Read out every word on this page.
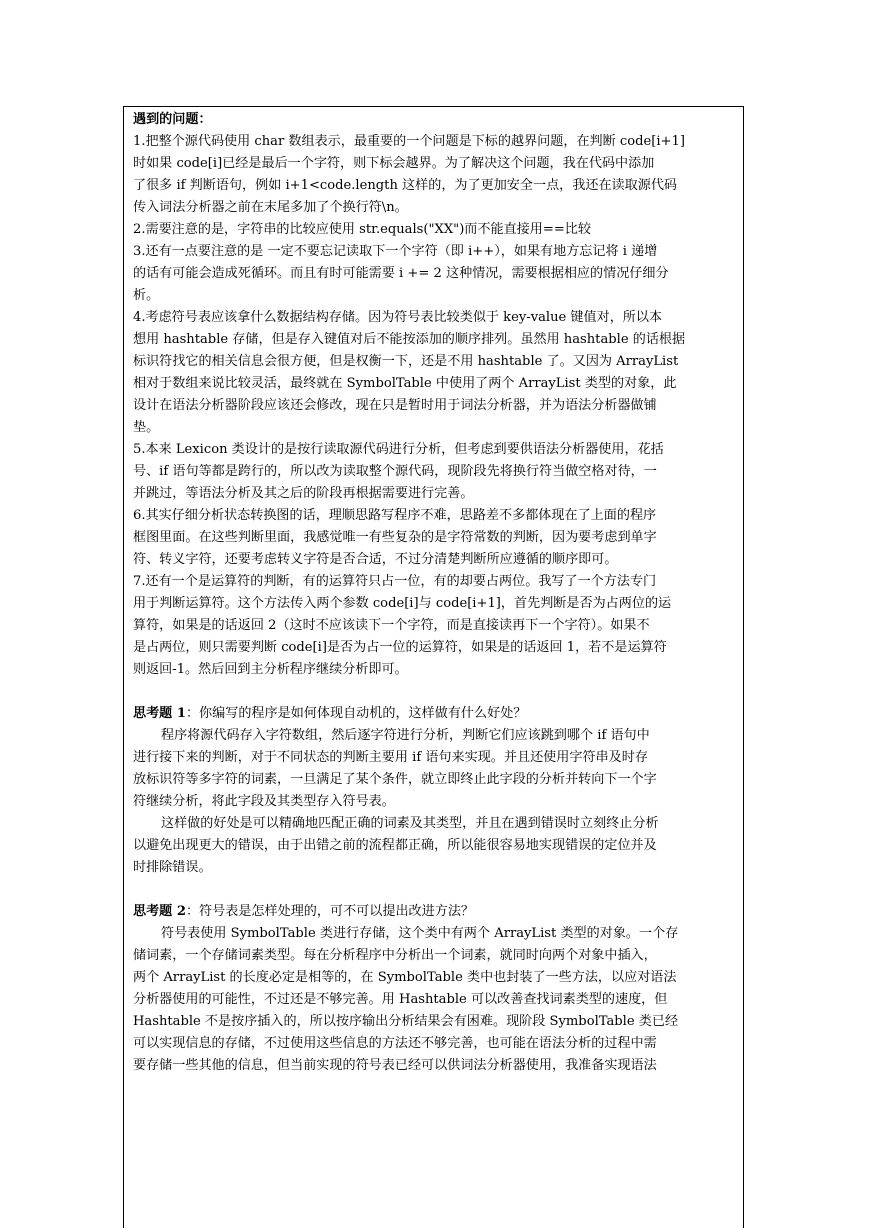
遇到的问题：
1.把整个源代码使用 char 数组表示，最重要的一个问题是下标的越界问题，在判断 code[i+1]
时如果 code[i]已经是最后一个字符，则下标会越界。为了解决这个问题，我在代码中添加
了很多 if 判断语句，例如 i+1<code.length 这样的，为了更加安全一点，我还在读取源代码
传入词法分析器之前在末尾多加了个换行符\n。
2.需要注意的是，字符串的比较应使用 str.equals("XX")而不能直接用==比较
3.还有一点要注意的是 一定不要忘记读取下一个字符（即 i++），如果有地方忘记将 i 递增
的话有可能会造成死循环。而且有时可能需要 i += 2 这种情况，需要根据相应的情况仔细分
析。
4.考虑符号表应该拿什么数据结构存储。因为符号表比较类似于 key-value 键值对，所以本
想用 hashtable 存储，但是存入键值对后不能按添加的顺序排列。虽然用 hashtable 的话根据
标识符找它的相关信息会很方便，但是权衡一下，还是不用 hashtable 了。又因为 ArrayList
相对于数组来说比较灵活，最终就在 SymbolTable 中使用了两个 ArrayList 类型的对象，此
设计在语法分析器阶段应该还会修改，现在只是暂时用于词法分析器，并为语法分析器做铺
垫。
5.本来 Lexicon 类设计的是按行读取源代码进行分析，但考虑到要供语法分析器使用，花括
号、if 语句等都是跨行的，所以改为读取整个源代码，现阶段先将换行符当做空格对待，一
并跳过，等语法分析及其之后的阶段再根据需要进行完善。
6.其实仔细分析状态转换图的话，理顺思路写程序不难，思路差不多都体现在了上面的程序
框图里面。在这些判断里面，我感觉唯一有些复杂的是字符常数的判断，因为要考虑到单字
符、转义字符，还要考虑转义字符是否合适，不过分清楚判断所应遵循的顺序即可。
7.还有一个是运算符的判断，有的运算符只占一位，有的却要占两位。我写了一个方法专门
用于判断运算符。这个方法传入两个参数 code[i]与 code[i+1]，首先判断是否为占两位的运
算符，如果是的话返回 2（这时不应该读下一个字符，而是直接读再下一个字符）。如果不
是占两位，则只需要判断 code[i]是否为占一位的运算符，如果是的话返回 1，若不是运算符
则返回-1。然后回到主分析程序继续分析即可。
思考题 1：你编写的程序是如何体现自动机的，这样做有什么好处？
程序将源代码存入字符数组，然后逐字符进行分析，判断它们应该跳到哪个 if 语句中
进行接下来的判断，对于不同状态的判断主要用 if 语句来实现。并且还使用字符串及时存
放标识符等多字符的词素，一旦满足了某个条件，就立即终止此字段的分析并转向下一个字
符继续分析，将此字段及其类型存入符号表。
这样做的好处是可以精确地匹配正确的词素及其类型，并且在遇到错误时立刻终止分析
以避免出现更大的错误，由于出错之前的流程都正确，所以能很容易地实现错误的定位并及
时排除错误。
思考题 2：符号表是怎样处理的，可不可以提出改进方法？
符号表使用 SymbolTable 类进行存储，这个类中有两个 ArrayList 类型的对象。一个存
储词素，一个存储词素类型。每在分析程序中分析出一个词素，就同时向两个对象中插入，
两个 ArrayList 的长度必定是相等的，在 SymbolTable 类中也封装了一些方法，以应对语法
分析器使用的可能性，不过还是不够完善。用 Hashtable 可以改善查找词素类型的速度，但
Hashtable 不是按序插入的，所以按序输出分析结果会有困难。现阶段 SymbolTable 类已经
可以实现信息的存储，不过使用这些信息的方法还不够完善，也可能在语法分析的过程中需
要存储一些其他的信息，但当前实现的符号表已经可以供词法分析器使用，我准备实现语法
